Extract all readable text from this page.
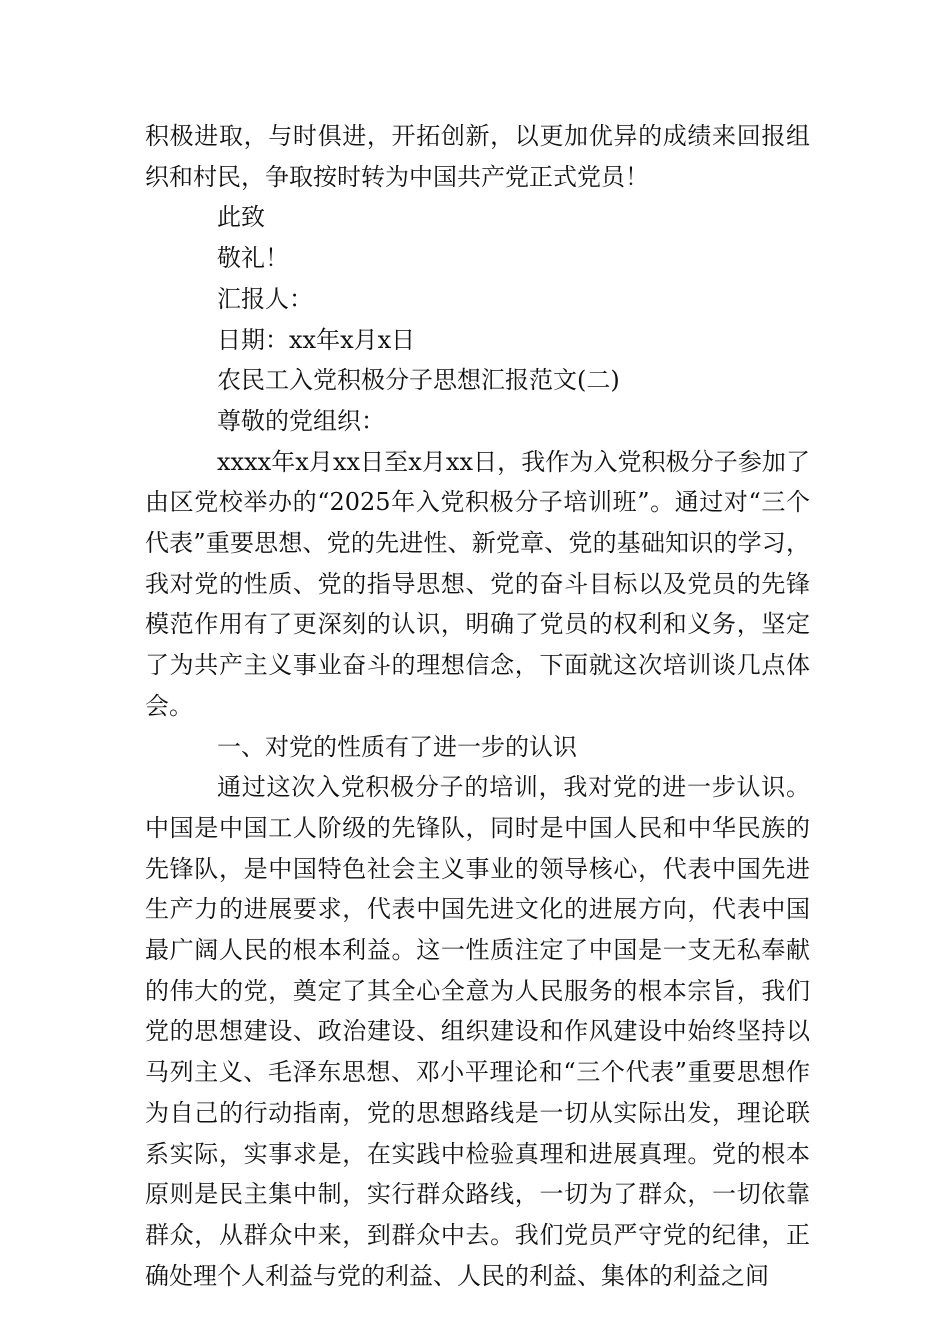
积极进取，与时俱进，开拓创新，以更加优异的成绩来回报组织和村民，争取按时转为中国共产党正式党员！

此致

敬礼！

汇报人：

日期：xx年x月x日

农民工入党积极分子思想汇报范文(二)

尊敬的党组织：

xxxx年x月xx日至x月xx日，我作为入党积极分子参加了由区党校举办的“2025年入党积极分子培训班”。通过对“三个代表”重要思想、党的先进性、新党章、党的基础知识的学习，我对党的性质、党的指导思想、党的奋斗目标以及党员的先锋模范作用有了更深刻的认识，明确了党员的权利和义务，坚定了为共产主义事业奋斗的理想信念，下面就这次培训谈几点体会。

一、对党的性质有了进一步的认识

通过这次入党积极分子的培训，我对党的进一步认识。中国是中国工人阶级的先锋队，同时是中国人民和中华民族的先锋队，是中国特色社会主义事业的领导核心，代表中国先进生产力的进展要求，代表中国先进文化的进展方向，代表中国最广阔人民的根本利益。这一性质注定了中国是一支无私奉献的伟大的党，奠定了其全心全意为人民服务的根本宗旨，我们党的思想建设、政治建设、组织建设和作风建设中始终坚持以马列主义、毛泽东思想、邓小平理论和“三个代表”重要思想作为自己的行动指南，党的思想路线是一切从实际出发，理论联系实际，实事求是，在实践中检验真理和进展真理。党的根本原则是民主集中制，实行群众路线，一切为了群众，一切依靠群众，从群众中来，到群众中去。我们党员严守党的纪律，正确处理个人利益与党的利益、人民的利益、集体的利益之间
